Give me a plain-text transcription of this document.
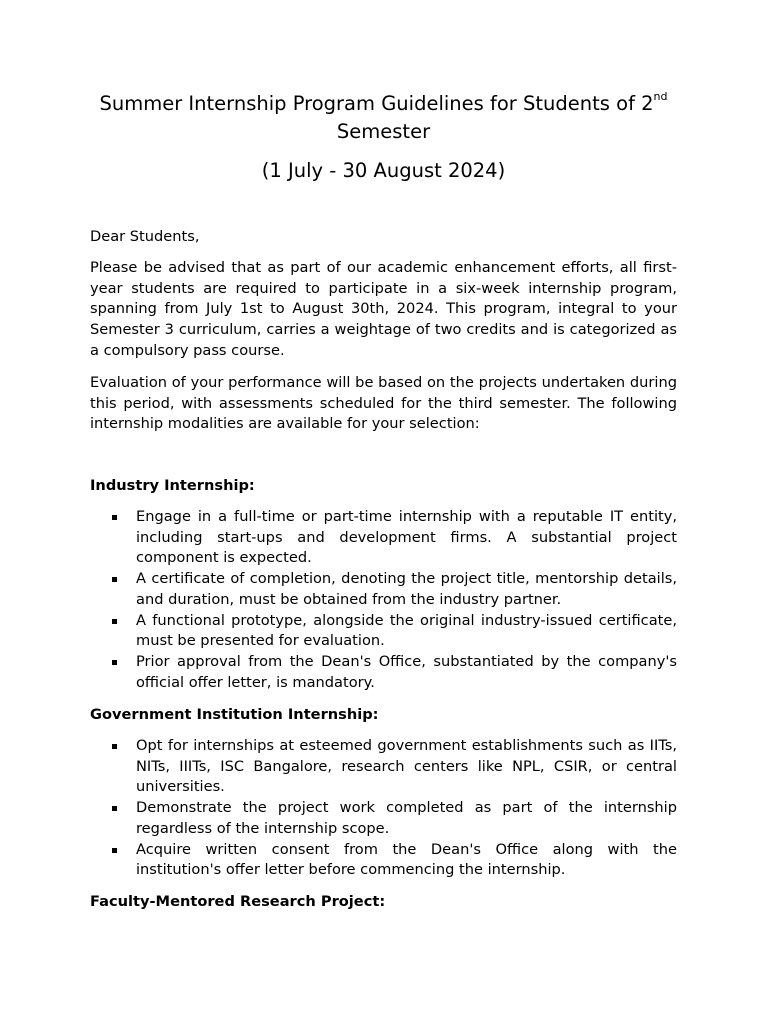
Summer Internship Program Guidelines for Students of 2nd
Semester
(1 July - 30 August 2024)
Dear Students,
Please be advised that as part of our academic enhancement efforts, all first-year students are required to participate in a six-week internship program, spanning from July 1st to August 30th, 2024. This program, integral to your Semester 3 curriculum, carries a weightage of two credits and is categorized as a compulsory pass course.
Evaluation of your performance will be based on the projects undertaken during this period, with assessments scheduled for the third semester. The following internship modalities are available for your selection:
Industry Internship:
Engage in a full-time or part-time internship with a reputable IT entity, including start-ups and development firms. A substantial project component is expected.
A certificate of completion, denoting the project title, mentorship details, and duration, must be obtained from the industry partner.
A functional prototype, alongside the original industry-issued certificate, must be presented for evaluation.
Prior approval from the Dean's Office, substantiated by the company's official offer letter, is mandatory.
Government Institution Internship:
Opt for internships at esteemed government establishments such as IITs, NITs, IIITs, ISC Bangalore, research centers like NPL, CSIR, or central universities.
Demonstrate the project work completed as part of the internship regardless of the internship scope.
Acquire written consent from the Dean's Office along with the institution's offer letter before commencing the internship.
Faculty-Mentored Research Project:
